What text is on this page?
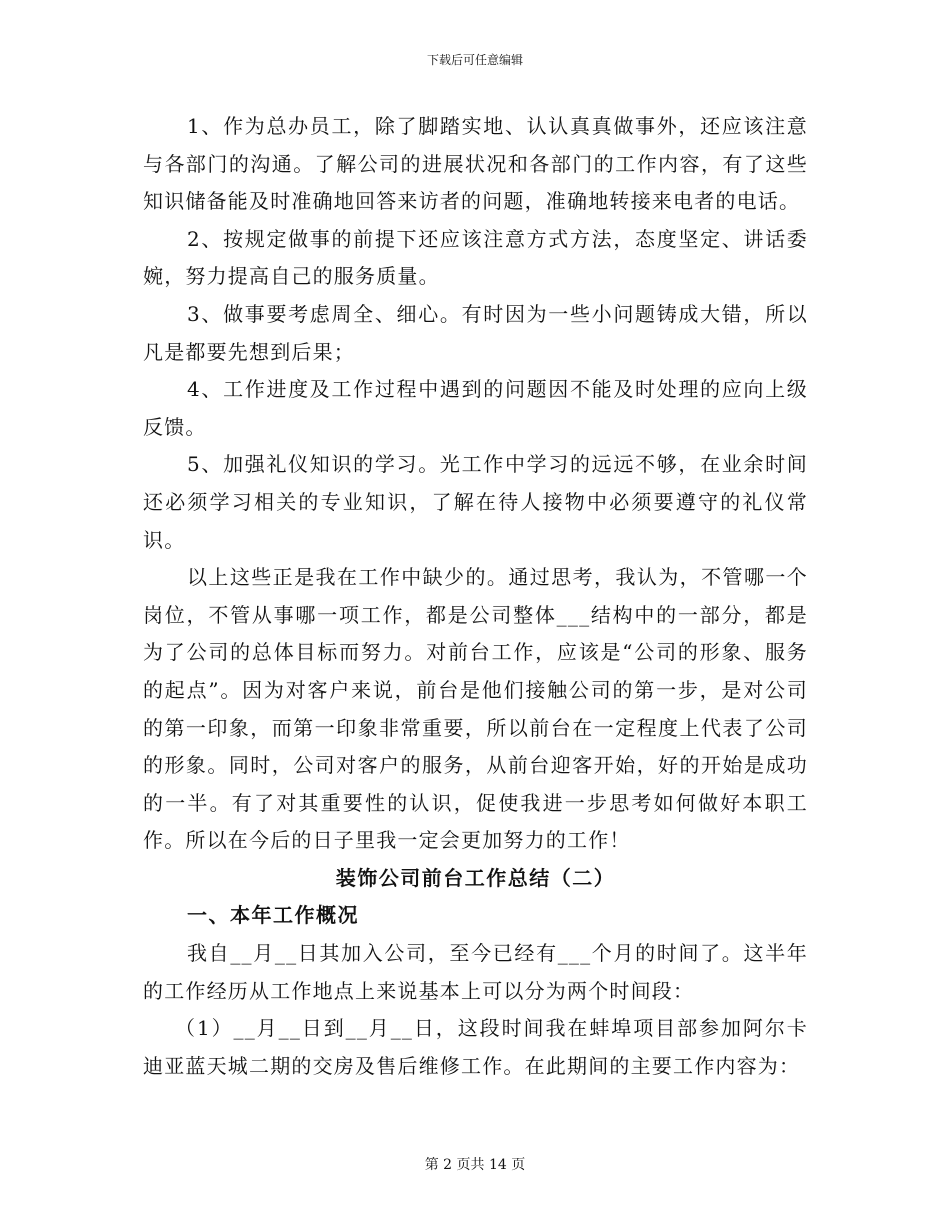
下载后可任意编辑

1、作为总办员工，除了脚踏实地、认认真真做事外，还应该注意与各部门的沟通。了解公司的进展状况和各部门的工作内容，有了这些知识储备能及时准确地回答来访者的问题，准确地转接来电者的电话。

2、按规定做事的前提下还应该注意方式方法，态度坚定、讲话委婉，努力提高自己的服务质量。

3、做事要考虑周全、细心。有时因为一些小问题铸成大错，所以凡是都要先想到后果；

4、工作进度及工作过程中遇到的问题因不能及时处理的应向上级反馈。

5、加强礼仪知识的学习。光工作中学习的远远不够，在业余时间还必须学习相关的专业知识，了解在待人接物中必须要遵守的礼仪常识。

以上这些正是我在工作中缺少的。通过思考，我认为，不管哪一个岗位，不管从事哪一项工作，都是公司整体___结构中的一部分，都是为了公司的总体目标而努力。对前台工作，应该是“公司的形象、服务的起点”。因为对客户来说，前台是他们接触公司的第一步，是对公司的第一印象，而第一印象非常重要，所以前台在一定程度上代表了公司的形象。同时，公司对客户的服务，从前台迎客开始，好的开始是成功的一半。有了对其重要性的认识，促使我进一步思考如何做好本职工作。所以在今后的日子里我一定会更加努力的工作！

装饰公司前台工作总结（二）

一、本年工作概况

我自__月__日其加入公司，至今已经有___个月的时间了。这半年的工作经历从工作地点上来说基本上可以分为两个时间段：

（1）__月__日到__月__日，这段时间我在蚌埠项目部参加阿尔卡迪亚蓝天城二期的交房及售后维修工作。在此期间的主要工作内容为：

第 2 页共 14 页
